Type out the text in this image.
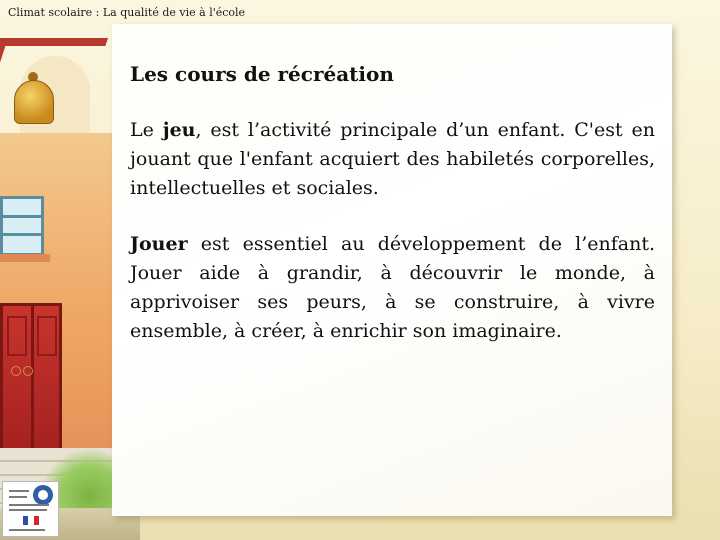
Climat scolaire : La qualité de vie à l'école
Les cours de récréation
Le jeu, est l’activité principale d’un enfant. C'est en jouant que l'enfant acquiert des habiletés corporelles, intellectuelles et sociales.
Jouer est essentiel au développement de l’enfant. Jouer aide à grandir, à découvrir le monde, à apprivoiser ses peurs, à se construire, à vivre ensemble, à créer, à enrichir son imaginaire.
